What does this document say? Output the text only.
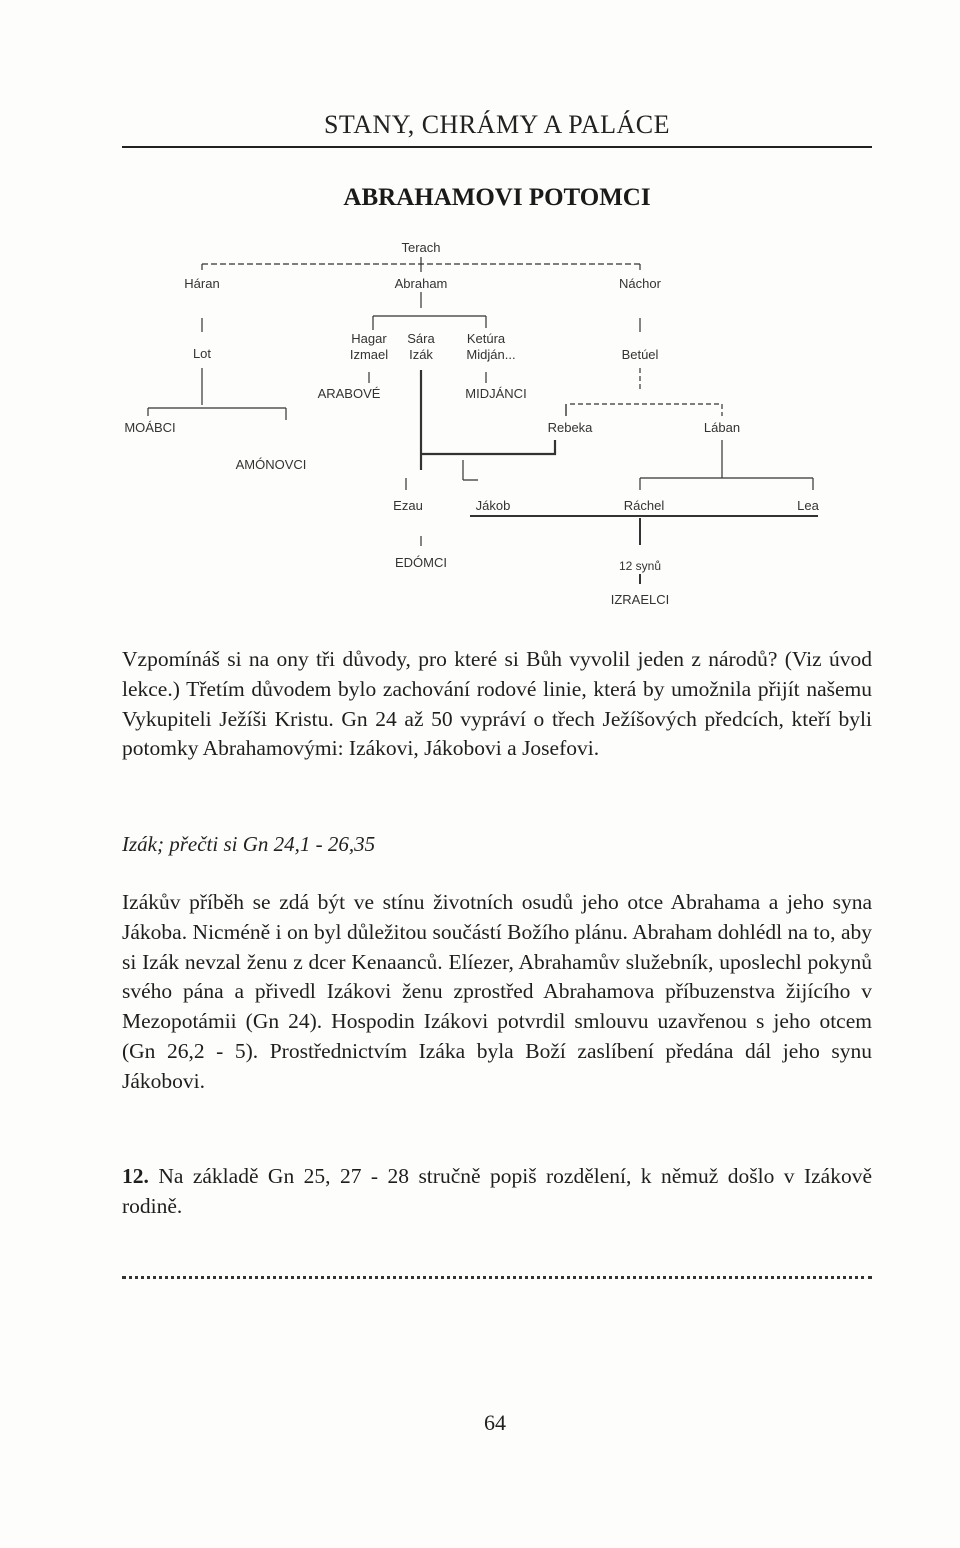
STANY, CHRÁMY A PALÁCE
ABRAHAMOVI POTOMCI
Terach
Háran	Abraham	Náchor
Lot
Hagar Sára Ketúra
Izmael Izák	Midján...	Betúel
ARABOVÉ	MIDJÁNCI
MOÁBCI	Rebeka	Lában
AMÓNOVCI
Ezau	Jákob	Ráchel	Lea
EDÓMCI	12 synů
IZRAELCI

Vzpomínáš si na ony tři důvody, pro které si Bůh vyvolil jeden z národů? (Viz úvod lekce.) Třetím důvodem bylo zachování rodové linie, která by umožnila přijít našemu Vykupiteli Ježíši Kristu. Gn 24 až 50 vypráví o třech Ježíšových předcích, kteří byli potomky Abrahamovými: Izákovi, Jákobovi a Josefovi.

Izák; přečti si Gn 24,1 - 26,35

Izákův příběh se zdá být ve stínu životních osudů jeho otce Abrahama a jeho syna Jákoba. Nicméně i on byl důležitou součástí Božího plánu. Abraham dohlédl na to, aby si Izák nevzal ženu z dcer Kenaanců. Elíezer, Abrahamův služebník, uposlechl pokynů svého pána a přivedl Izákovi ženu zprostřed Abrahamova příbuzenstva žijícího v Mezopotámii (Gn 24). Hospodin Izákovi potvrdil smlouvu uzavřenou s jeho otcem (Gn 26,2 - 5). Prostřednictvím Izáka byla Boží zaslíbení předána dál jeho synu Jákobovi.

12. Na základě Gn 25, 27 - 28 stručně popiš rozdělení, k němuž došlo v Izákově rodině.

64
